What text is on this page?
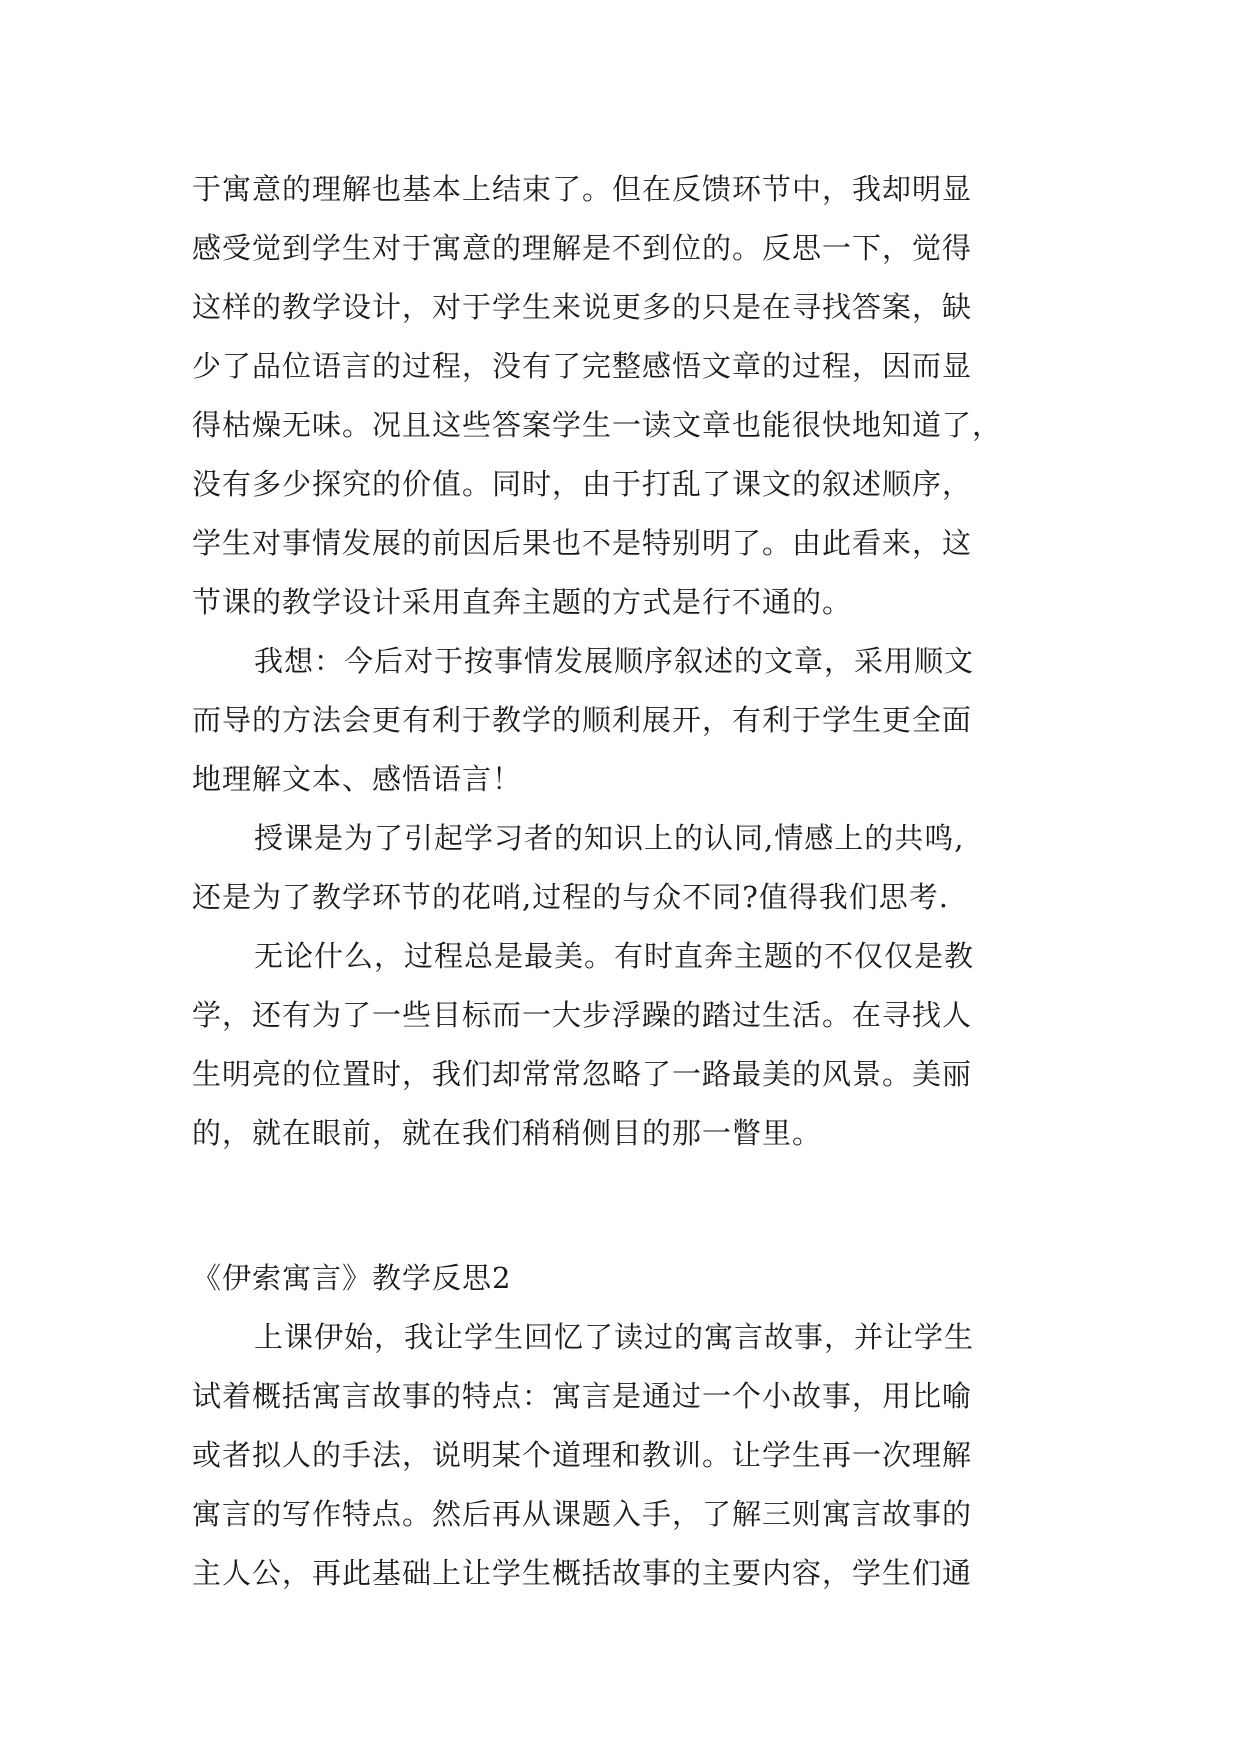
于寓意的理解也基本上结束了。但在反馈环节中，我却明显
感受觉到学生对于寓意的理解是不到位的。反思一下，觉得
这样的教学设计，对于学生来说更多的只是在寻找答案，缺
少了品位语言的过程，没有了完整感悟文章的过程，因而显
得枯燥无味。况且这些答案学生一读文章也能很快地知道了，
没有多少探究的价值。同时，由于打乱了课文的叙述顺序，
学生对事情发展的前因后果也不是特别明了。由此看来，这
节课的教学设计采用直奔主题的方式是行不通的。
我想：今后对于按事情发展顺序叙述的文章，采用顺文
而导的方法会更有利于教学的顺利展开，有利于学生更全面
地理解文本、感悟语言！
授课是为了引起学习者的知识上的认同,情感上的共鸣,
还是为了教学环节的花哨,过程的与众不同?值得我们思考.
无论什么，过程总是最美。有时直奔主题的不仅仅是教
学，还有为了一些目标而一大步浮躁的踏过生活。在寻找人
生明亮的位置时，我们却常常忽略了一路最美的风景。美丽
的，就在眼前，就在我们稍稍侧目的那一瞥里。
《伊索寓言》教学反思2
上课伊始，我让学生回忆了读过的寓言故事，并让学生
试着概括寓言故事的特点：寓言是通过一个小故事，用比喻
或者拟人的手法，说明某个道理和教训。让学生再一次理解
寓言的写作特点。然后再从课题入手，了解三则寓言故事的
主人公，再此基础上让学生概括故事的主要内容，学生们通
